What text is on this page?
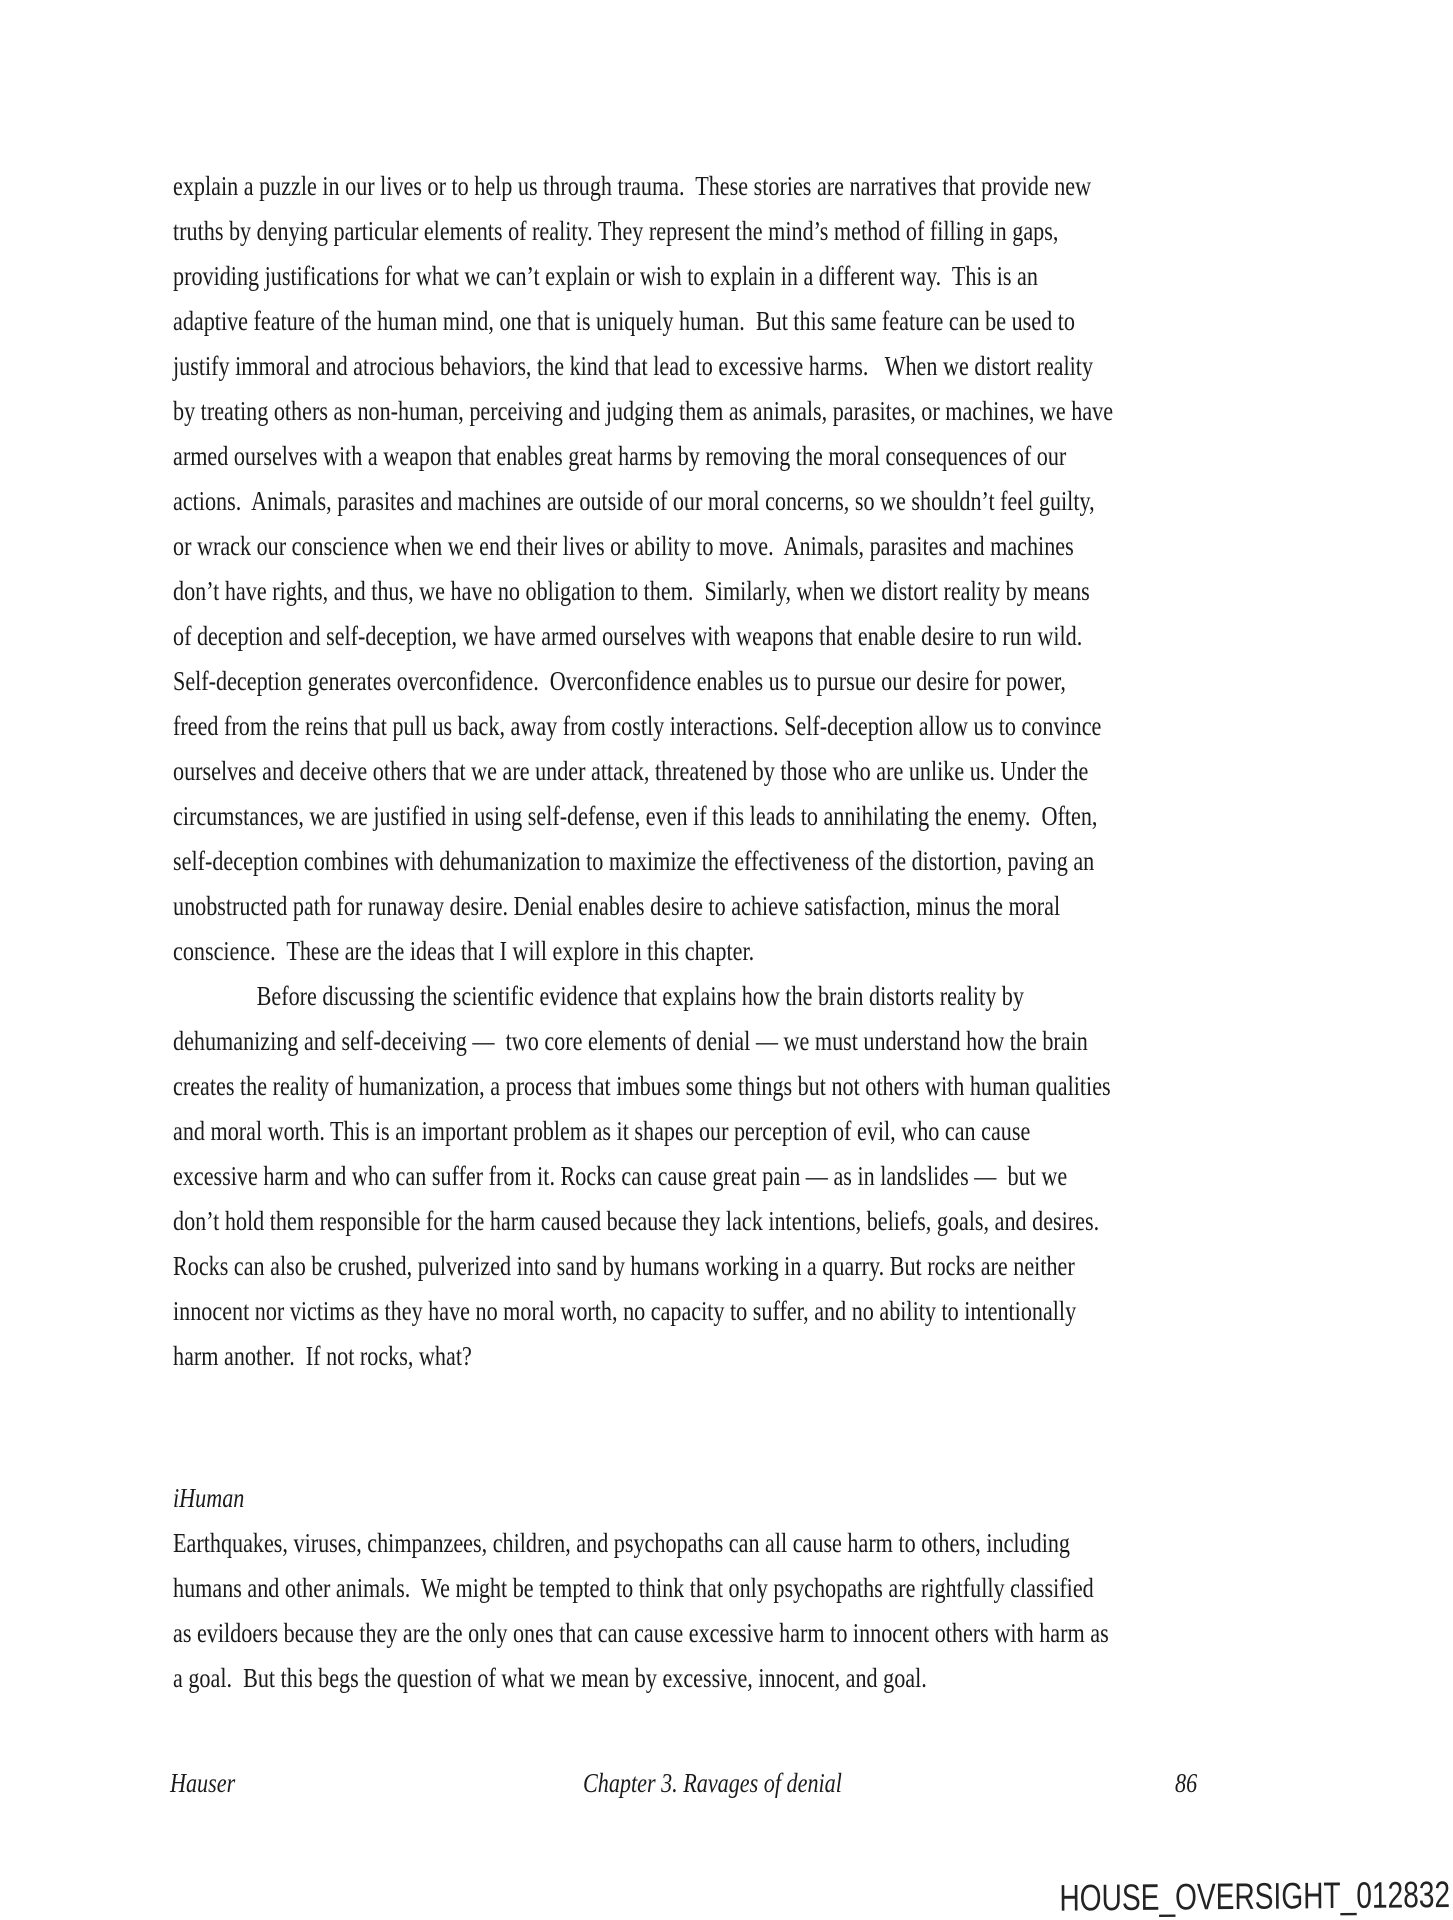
explain a puzzle in our lives or to help us through trauma.  These stories are narratives that provide new
truths by denying particular elements of reality. They represent the mind’s method of filling in gaps,
providing justifications for what we can’t explain or wish to explain in a different way.  This is an
adaptive feature of the human mind, one that is uniquely human.  But this same feature can be used to
justify immoral and atrocious behaviors, the kind that lead to excessive harms.   When we distort reality
by treating others as non-human, perceiving and judging them as animals, parasites, or machines, we have
armed ourselves with a weapon that enables great harms by removing the moral consequences of our
actions.  Animals, parasites and machines are outside of our moral concerns, so we shouldn’t feel guilty,
or wrack our conscience when we end their lives or ability to move.  Animals, parasites and machines
don’t have rights, and thus, we have no obligation to them.  Similarly, when we distort reality by means
of deception and self-deception, we have armed ourselves with weapons that enable desire to run wild.
Self-deception generates overconfidence.  Overconfidence enables us to pursue our desire for power,
freed from the reins that pull us back, away from costly interactions. Self-deception allow us to convince
ourselves and deceive others that we are under attack, threatened by those who are unlike us. Under the
circumstances, we are justified in using self-defense, even if this leads to annihilating the enemy.  Often,
self-deception combines with dehumanization to maximize the effectiveness of the distortion, paving an
unobstructed path for runaway desire. Denial enables desire to achieve satisfaction, minus the moral
conscience.  These are the ideas that I will explore in this chapter.
Before discussing the scientific evidence that explains how the brain distorts reality by
dehumanizing and self-deceiving —  two core elements of denial — we must understand how the brain
creates the reality of humanization, a process that imbues some things but not others with human qualities
and moral worth. This is an important problem as it shapes our perception of evil, who can cause
excessive harm and who can suffer from it. Rocks can cause great pain — as in landslides —  but we
don’t hold them responsible for the harm caused because they lack intentions, beliefs, goals, and desires.
Rocks can also be crushed, pulverized into sand by humans working in a quarry. But rocks are neither
innocent nor victims as they have no moral worth, no capacity to suffer, and no ability to intentionally
harm another.  If not rocks, what?
iHuman
Earthquakes, viruses, chimpanzees, children, and psychopaths can all cause harm to others, including
humans and other animals.  We might be tempted to think that only psychopaths are rightfully classified
as evildoers because they are the only ones that can cause excessive harm to innocent others with harm as
a goal.  But this begs the question of what we mean by excessive, innocent, and goal.
Hauser	Chapter 3. Ravages of denial	86
HOUSE_OVERSIGHT_012832
